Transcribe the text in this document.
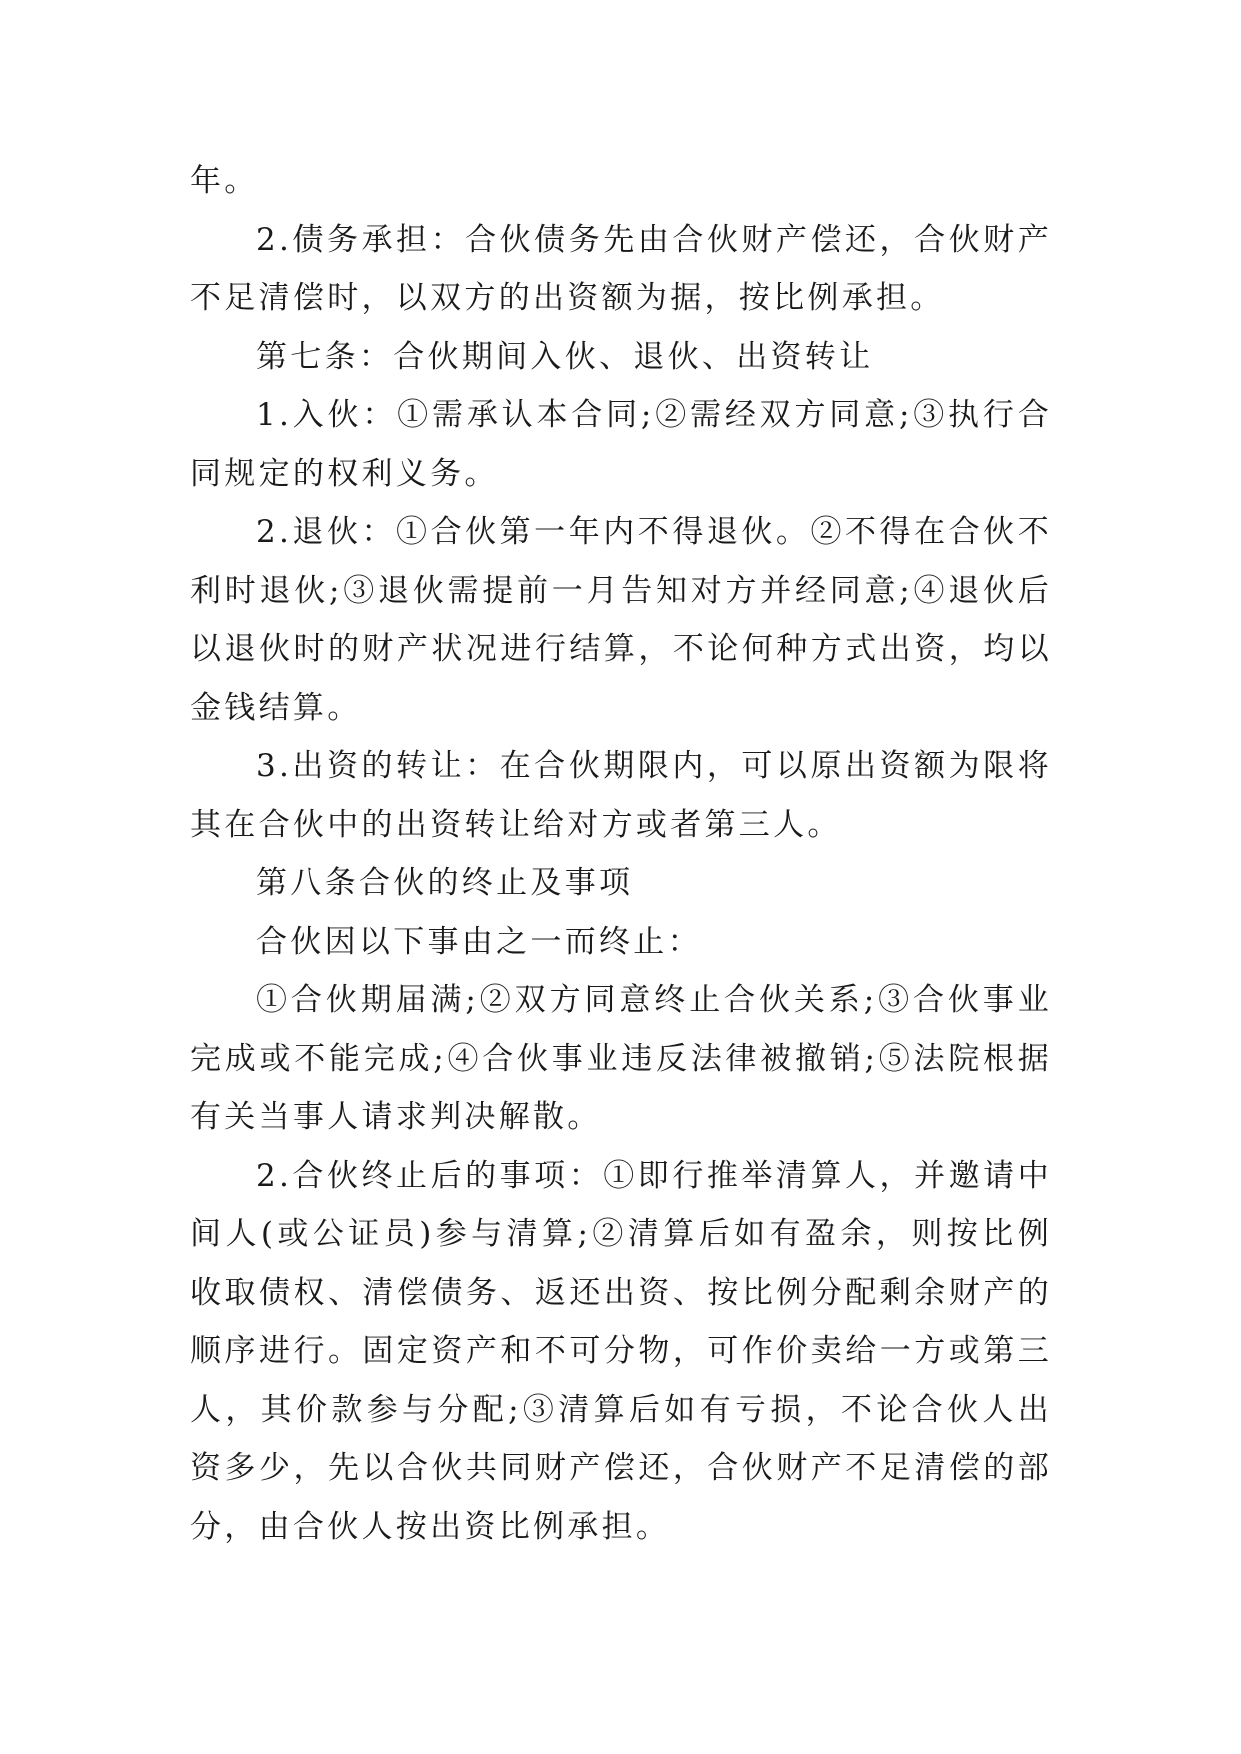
年。

2.债务承担：合伙债务先由合伙财产偿还，合伙财产不足清偿时，以双方的出资额为据，按比例承担。

第七条：合伙期间入伙、退伙、出资转让

1.入伙：①需承认本合同;②需经双方同意;③执行合同规定的权利义务。

2.退伙：①合伙第一年内不得退伙。②不得在合伙不利时退伙;③退伙需提前一月告知对方并经同意;④退伙后以退伙时的财产状况进行结算，不论何种方式出资，均以金钱结算。

3.出资的转让：在合伙期限内，可以原出资额为限将其在合伙中的出资转让给对方或者第三人。

第八条合伙的终止及事项

合伙因以下事由之一而终止：

①合伙期届满;②双方同意终止合伙关系;③合伙事业完成或不能完成;④合伙事业违反法律被撤销;⑤法院根据有关当事人请求判决解散。

2.合伙终止后的事项：①即行推举清算人，并邀请中间人(或公证员)参与清算;②清算后如有盈余，则按比例收取债权、清偿债务、返还出资、按比例分配剩余财产的顺序进行。固定资产和不可分物，可作价卖给一方或第三人，其价款参与分配;③清算后如有亏损，不论合伙人出资多少，先以合伙共同财产偿还，合伙财产不足清偿的部分，由合伙人按出资比例承担。
